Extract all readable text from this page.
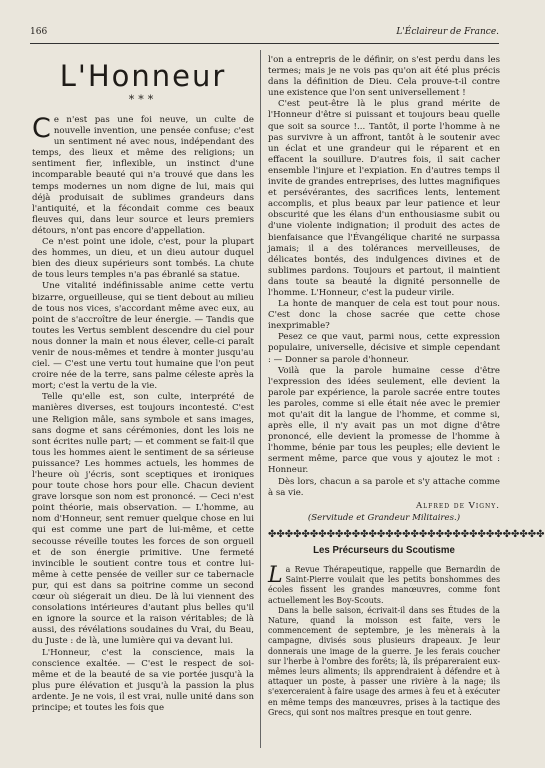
166	L'Éclaireur de France.
L'Honneur
***

Ce n'est pas une foi neuve, un culte de nouvelle invention, une pensée confuse; c'est un sentiment né avec nous, indépendant des temps, des lieux et même des religions; un sentiment fier, inflexible, un instinct d'une incomparable beauté qui n'a trouvé que dans les temps modernes un nom digne de lui, mais qui déjà produisait de sublimes grandeurs dans l'antiquité, et la fécondait comme ces beaux fleuves qui, dans leur source et leurs premiers détours, n'ont pas encore d'appellation.

Ce n'est point une idole, c'est, pour la plupart des hommes, un dieu, et un dieu autour duquel bien des dieux supérieurs sont tombés. La chute de tous leurs temples n'a pas ébranlé sa statue.

Une vitalité indéfinissable anime cette vertu bizarre, orgueilleuse, qui se tient debout au milieu de tous nos vices, s'accordant même avec eux, au point de s'accroître de leur énergie. — Tandis que toutes les Vertus semblent descendre du ciel pour nous donner la main et nous élever, celle-ci paraît venir de nous-mêmes et tendre à monter jusqu'au ciel. — C'est une vertu tout humaine que l'on peut croire née de la terre, sans palme céleste après la mort; c'est la vertu de la vie.

Telle qu'elle est, son culte, interprété de manières diverses, est toujours incontesté. C'est une Religion mâle, sans symbole et sans images, sans dogme et sans cérémonies, dont les lois ne sont écrites nulle part; — et comment se fait-il que tous les hommes aient le sentiment de sa sérieuse puissance? Les hommes actuels, les hommes de l'heure où j'écris, sont sceptiques et ironiques pour toute chose hors pour elle. Chacun devient grave lorsque son nom est prononcé. — Ceci n'est point théorie, mais observation. — L'homme, au nom d'Honneur, sent remuer quelque chose en lui qui est comme une part de lui-même, et cette secousse réveille toutes les forces de son orgueil et de son énergie primitive. Une fermeté invincible le soutient contre tous et contre lui-même à cette pensée de veiller sur ce tabernacle pur, qui est dans sa poitrine comme un second cœur où siégerait un dieu. De là lui viennent des consolations intérieures d'autant plus belles qu'il en ignore la source et la raison véritables; de là aussi, des révélations soudaines du Vrai, du Beau, du Juste : de là, une lumière qui va devant lui.

L'Honneur, c'est la conscience, mais la conscience exaltée. — C'est le respect de soi-même et de la beauté de sa vie portée jusqu'à la plus pure élévation et jusqu'à la passion la plus ardente. Je ne vois, il est vrai, nulle unité dans son principe; et toutes les fois que

l'on a entrepris de le définir, on s'est perdu dans les termes; mais je ne vois pas qu'on ait été plus précis dans la définition de Dieu. Cela prouve-t-il contre une existence que l'on sent universellement !

C'est peut-être là le plus grand mérite de l'Honneur d'être si puissant et toujours beau quelle que soit sa source !... Tantôt, il porte l'homme à ne pas survivre à un affront, tantôt à le soutenir avec un éclat et une grandeur qui le réparent et en effacent la souillure. D'autres fois, il sait cacher ensemble l'injure et l'expiation. En d'autres temps il invite de grandes entreprises, des luttes magnifiques et persévérantes, des sacrifices lents, lentement accomplis, et plus beaux par leur patience et leur obscurité que les élans d'un enthousiasme subit ou d'une violente indignation; il produit des actes de bienfaisance que l'Évangélique charité ne surpassa jamais; il a des tolérances merveilleuses, de délicates bontés, des indulgences divines et de sublimes pardons. Toujours et partout, il maintient dans toute sa beauté la dignité personnelle de l'homme. L'Honneur, c'est la pudeur virile.

La honte de manquer de cela est tout pour nous. C'est donc la chose sacrée que cette chose inexprimable?

Pesez ce que vaut, parmi nous, cette expression populaire, universelle, décisive et simple cependant : — Donner sa parole d'honneur.

Voilà que la parole humaine cesse d'être l'expression des idées seulement, elle devient la parole par expérience, la parole sacrée entre toutes les paroles, comme si elle était née avec le premier mot qu'ait dit la langue de l'homme, et comme si, après elle, il n'y avait pas un mot digne d'être prononcé, elle devient la promesse de l'homme à l'homme, bénie par tous les peuples; elle devient le serment même, parce que vous y ajoutez le mot : Honneur.

Dès lors, chacun a sa parole et s'y attache comme à sa vie.

Alfred de Vigny.
(Servitude et Grandeur Militaires.)
✤✤✤✤✤✤✤✤✤✤✤✤✤✤✤✤✤✤✤✤✤✤✤✤✤✤✤✤✤✤✤✤✤
Les Précurseurs du Scoutisme

La Revue Thérapeutique, rappelle que Bernardin de Saint-Pierre voulait que les petits bonshommes des écoles fissent les grandes manœuvres, comme font actuellement les Boy-Scouts.

Dans la belle saison, écrivait-il dans ses Études de la Nature, quand la moisson est faite, vers le commencement de septembre, je les mènerais à la campagne, divisés sous plusieurs drapeaux. Je leur donnerais une image de la guerre. Je les ferais coucher sur l'herbe à l'ombre des forêts; là, ils prépareraient eux-mêmes leurs aliments; ils apprendraient à défendre et à attaquer un poste, à passer une rivière à la nage; ils s'exerceraient à faire usage des armes à feu et à exécuter en même temps des manœuvres, prises à la tactique des Grecs, qui sont nos maîtres presque en tout genre.
